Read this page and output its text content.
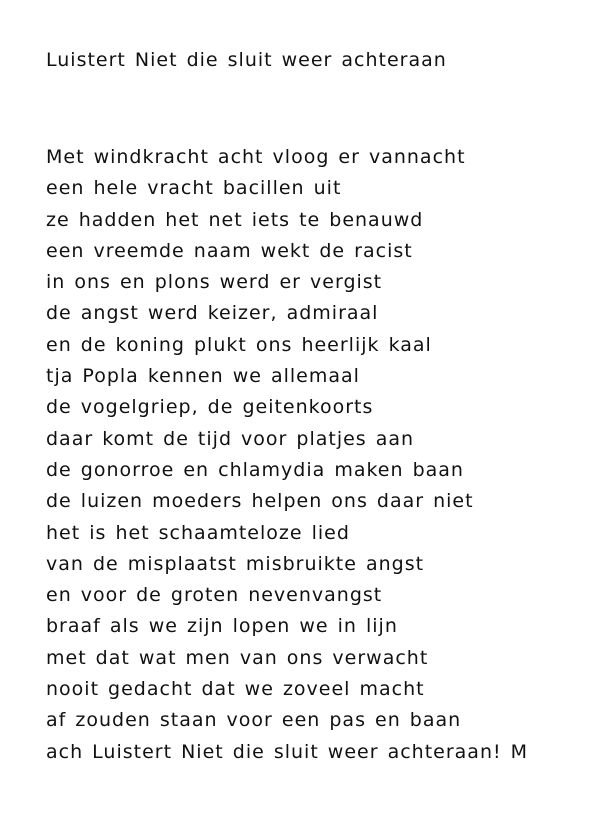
Luistert Niet die sluit weer achteraan
Met windkracht acht vloog er vannacht
een hele vracht bacillen uit
ze hadden het net iets te benauwd
een vreemde naam wekt de racist
in ons en plons werd er vergist
de angst werd keizer, admiraal
en de koning plukt ons heerlijk kaal
tja Popla kennen we allemaal
de vogelgriep, de geitenkoorts
daar komt de tijd voor platjes aan
de gonorroe en chlamydia maken baan
de luizen moeders helpen ons daar niet
het is het schaamteloze lied
van de misplaatst misbruikte angst
en voor de groten nevenvangst
braaf als we zijn lopen we in lijn
met dat wat men van ons verwacht
nooit gedacht dat we zoveel macht
af zouden staan voor een pas en baan
ach Luistert Niet die sluit weer achteraan! M
